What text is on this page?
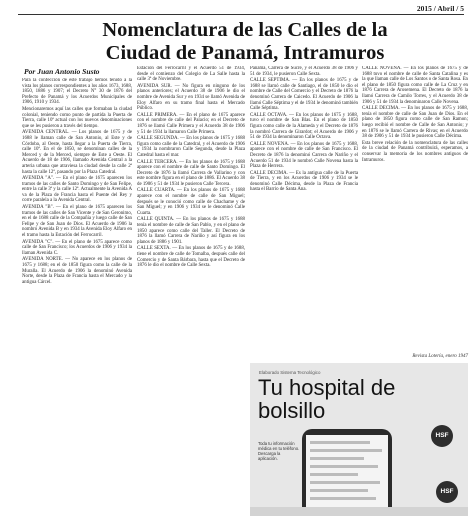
2015 / Abril / 5
Nomenclatura de las Calles de la
Ciudad de Panamá, Intramuros
Por Juan Antonio Susto

Para la confección de este trabajo hemos tenido a la vista los planos correspondientes a los años 1673, 1688, 1850, 1886 y 1907; el Decreto N° 30 de 1876 del Prefecto de Panamá y los Acuerdos Municipales de 1906, 1910 y 1934.

Mencionaremos aquí las calles que formaban la ciudad colonial, teniendo como punto de partida la Puerta de Tierra, calle 10ª actual con los nuevos denominaciones que se les pusieron a través del tiempo.

AVENIDA CENTRAL. — Los planos de 1675 y de 1688 le llaman calle de San Antonio, al Este y de Córdoba, al Oeste, hasta llegar a la Puerta de Tierra, calle 10ª. En el de 1850, se denominan calles de la Merced y de la Merced, siempre de Este a Oeste. El Acuerdo de 18 de 1906, llamado Avenida Central a la arteria urbana que atraviesa la ciudad desde la calle 2ª hasta la calle 12ª, pasando por la Plaza Catedral.

AVENIDA "A". — En el plano de 1675 aparecen los tramos de las calles de Santo Domingo y de San Felipe, entre la calle 3ª y la calle 12ª. Actualmente la Avenida A va de la Plaza de Francia hasta el Puente del Rey y corre paralela a la Avenida Central.

AVENIDA "B". — En el plano de 1675 aparecen los tramos de las calles de San Vicente y de San Geronimo, en el de 1688 calle de la Compañía y luego calle de San Felipe y de San Juan de Dios. El Acuerdo de 1906 la nombró Avenida B y en 1934 la Avenida Eloy Alfaro en el tramo hasta la Estación del Ferrocarril.

AVENIDA "C". — En el plano de 1675 aparece como calle de San Francisco; los Acuerdos de 1906 y 1934 la llaman Avenida C.

AVENIDA NORTE. — No aparece en los planos de 1675 y 1688; en el de 1850 figura como la calle de la Muralla. El Acuerdo de 1906 la denominó Avenida Norte, desde la Plaza de Francia hasta el Mercado y la antigua Cárcel.

Estación del Ferrocarril y el Acuerdo 51 de 1934, desde el comienzo del Colegio de La Salle hasta la calle 3ª de Noviembre.

AVENIDA SUR. — No figura en ninguno de los planos anteriores; el Acuerdo 38 de 1906 le dio el nombre de Avenida Sur y en 1934 se llamó Avenida de Eloy Alfaro en su tramo final hasta el Mercado Público.

CALLE PRIMERA. — En el plano de 1675 aparece con el nombre de calle del Palacio; en el Decreto de 1876 se llamó Calle Primera y el Acuerdo 38 de 1906 y 51 de 1934 la llamaron Calle Primera.

CALLE SEGUNDA. — En los planos de 1675 y 1688 figura como calle de la Catedral, y el Acuerdo de 1906 y 1934 la nombraron Calle Segunda, desde la Plaza Catedral hasta el mar.

CALLE TERCERA. — En los planos de 1675 y 1688 aparece con el nombre de calle de Santo Domingo. El Decreto de 1876 la llamó Carrera de Vallarino y con este nombre figura en el plano de 1886. El Acuerdo 38 de 1906 y 51 de 1934 le pusieron Calle Tercera.

CALLE CUARTA. — En los planos de 1675 y 1688 aparece con el nombre de calle de San Miguel; después se le conoció como calle de Chachame y de San Miguel; y en 1906 y 1934 se le denominó Calle Cuarta.

CALLE QUINTA. — En los planos de 1675 y 1688 tenía el nombre de calle de San Pablo, y en el plano de 1850 aparece como calle del Taller. El Decreto de 1876 la llamó Carrera de Nariño y así figura en los planos de 1886 y 1901.

CALLE SEXTA. — En los planos de 1675 y de 1688, tiene el nombre de calle de Tomalba, después calle del Comercio y de Santa Bárbara, hasta que el Decreto de 1876 le dio el nombre de Calle Sexta.

Panamá, Carrera de Sucre, y el Acuerdo 38 de 1906 y 51 de 1934, le pusieron Calle Sexta.

CALLE SEPTIMA. — En los planos de 1675 y de 1688 se llamó calle de Santiago, el de 1850 le dio el nombre de Calle del Comercio y el Decreto de 1876 la denominó Carrera de Caicedo. El Acuerdo de 1906 la llamó Calle Séptima y el de 1934 le denominó también Calle Séptima.

CALLE OCTAVA. — En los planos de 1675 y 1688, tuvo el nombre de San Blas. En el plano de 1850 figura como calle de la Alameda y el Decreto de 1876 la nombró Carrera de Girardot; el Acuerdo de 1906 y 51 de 1934 la denominaron Calle Octava.

CALLE NOVENA. — En los planos de 1675 y 1688, aparece con el nombre de calle de San Francisco. El Decreto de 1876 la denominó Carrera de Nariño y el Acuerdo 51 de 1934 le nombró Calle Novena hasta la Plaza de Herrera.

CALLE DECIMA. — Es la antigua calle de la Puerta de Tierra, y en los Acuerdos de 1906 y 1934 se le denominó Calle Décima, desde la Plaza de Francia hasta el Barrio de Santa Ana.

CALLE NOVENA. — En los planos de 1675 y de 1688 tuvo el nombre de calle de Santa Catalina y es la que llaman calle de Los Santos o de Santa Rosa. En el plano de 1850 figura como calle de La Cruz y en 1876 Carrera de Arosemena. El Decreto de 1876 la llamó Carrera de Camilo Torres, y el Acuerdo 38 de 1906 y 51 de 1934 la denominaron Calle Novena.

CALLE DECIMA. — En los planos de 1675 y 1688, tenía el nombre de calle de San Juan de Dios. En el plano de 1850 figura como calle de San Ramon; luego recibió el nombre de Calle de San Antonio; y en 1876 se le llamó Carrera de Rivas; en el Acuerdo 38 de 1906 y 51 de 1934 le pusieron Calle Décima.

Esta breve relación de la nomenclatura de las calles de la ciudad de Panamá contribuirá, esperamos, a conservar la memoria de los nombres antiguos de Intramuros.

Revista Lotería, enero 1947
Elaborado Sistema Tecnológico
Tu hospital de
bolsillo
Toda tu información médica en tu teléfono. Descarga la aplicación.
HSF
HSF
